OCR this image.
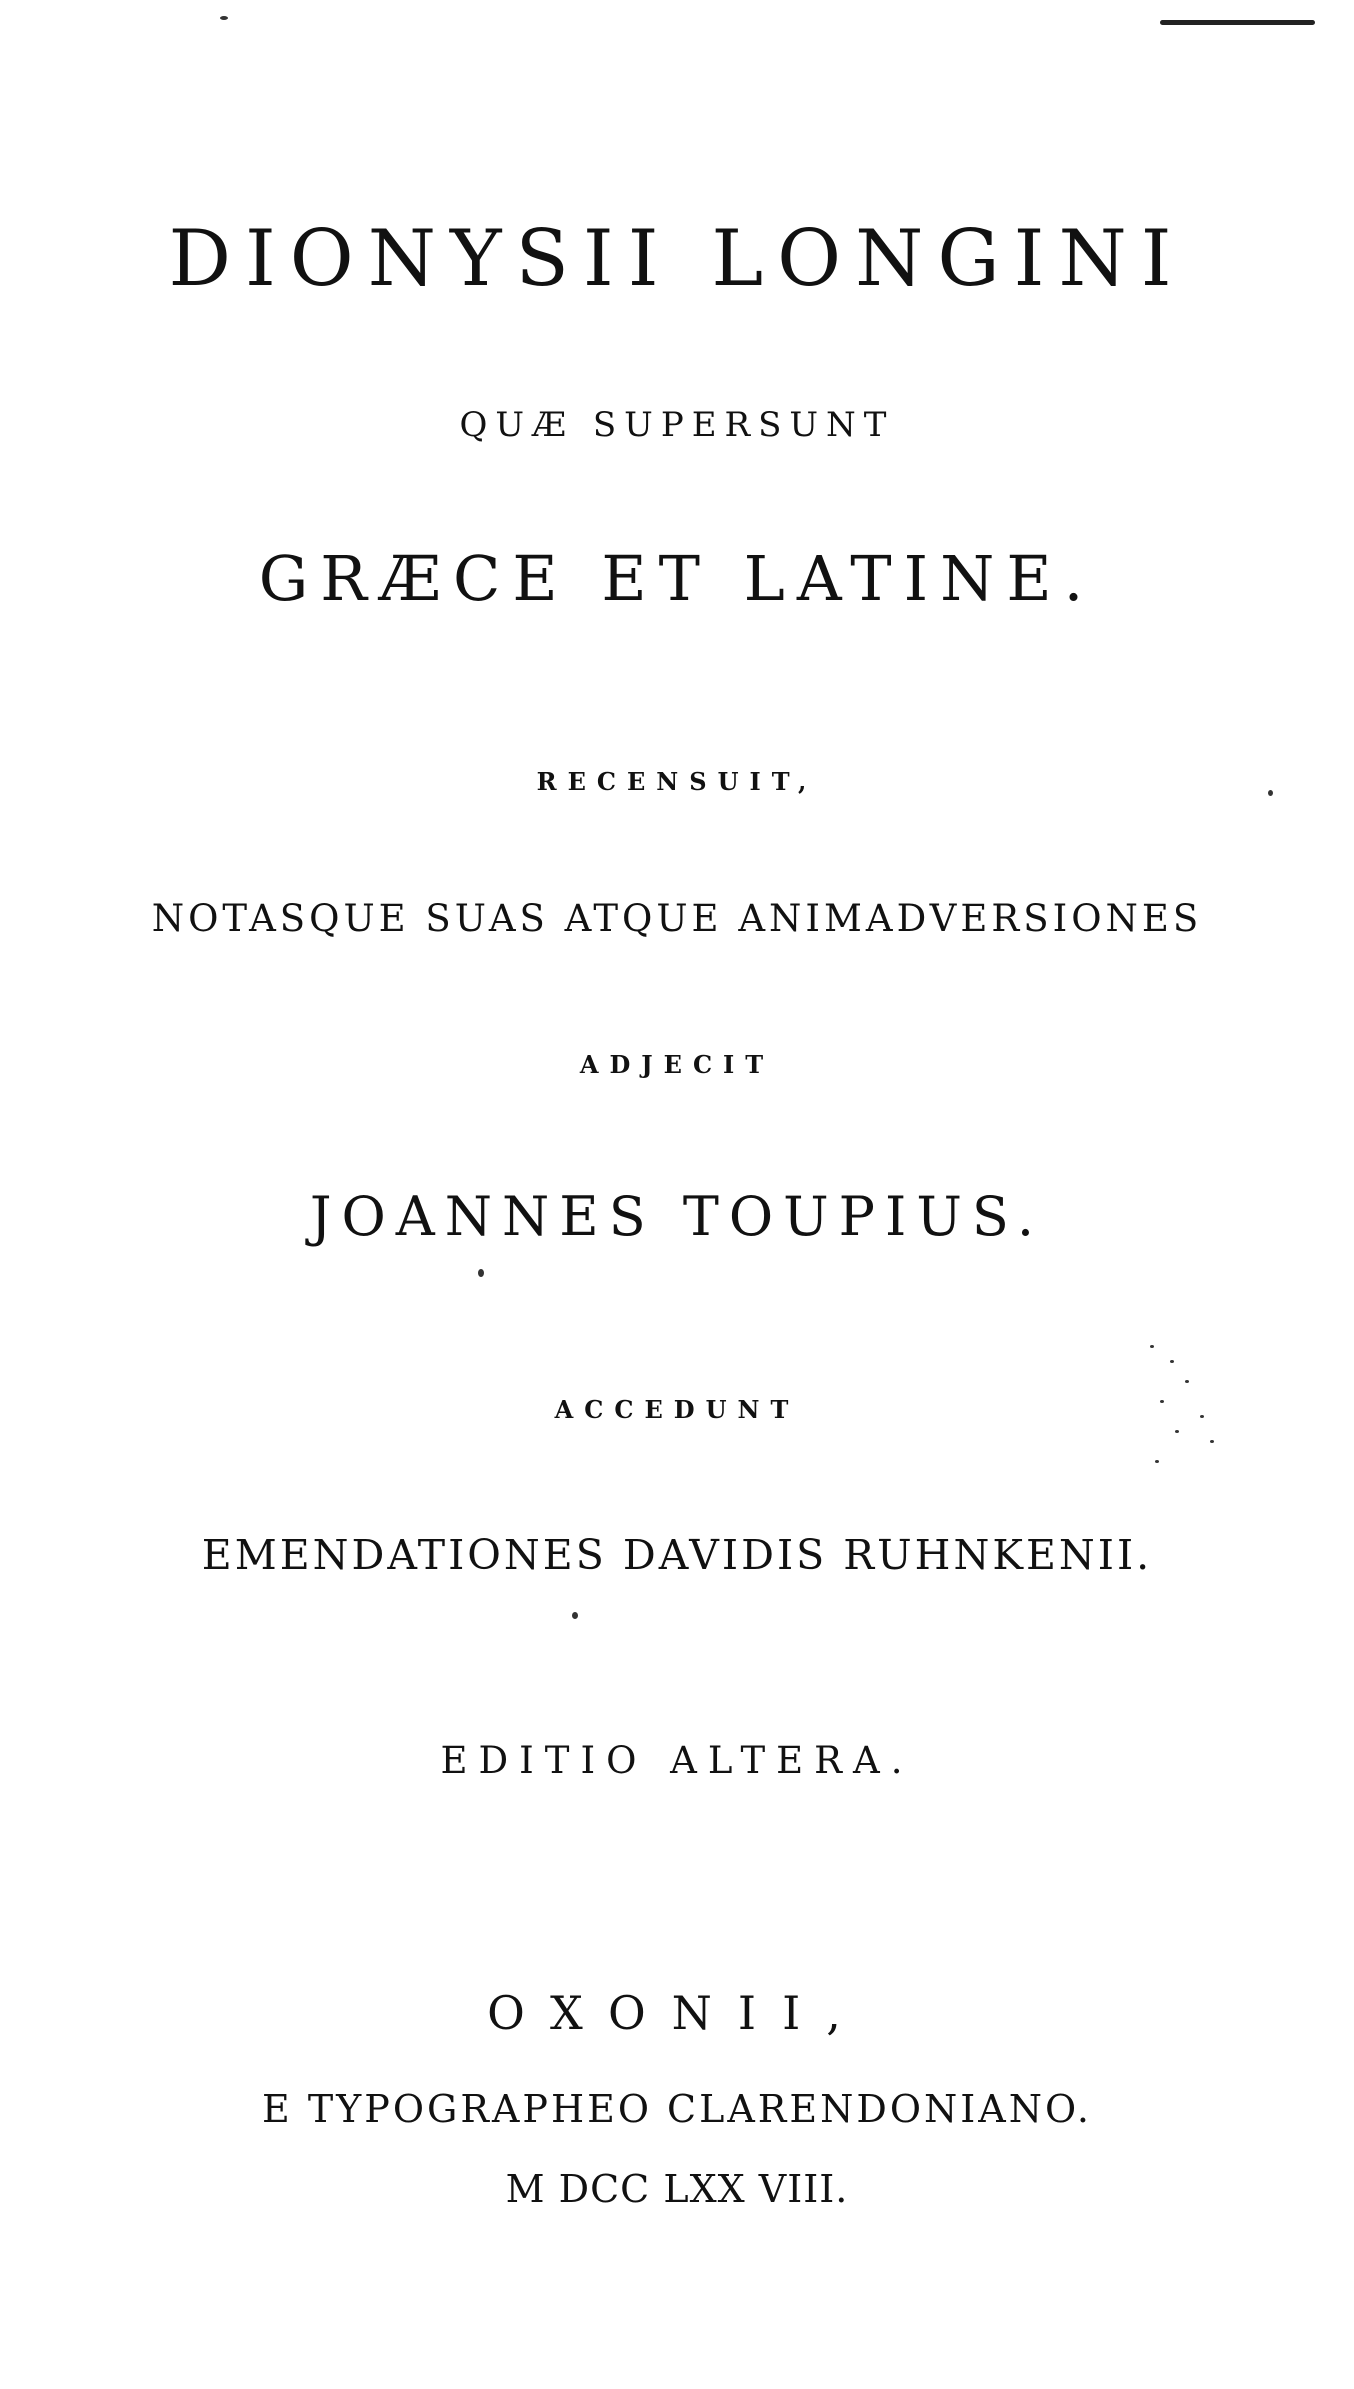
DIONYSII LONGINI
QUÆ SUPERSUNT
GRÆCE ET LATINE.
RECENSUIT,
NOTASQUE SUAS ATQUE ANIMADVERSIONES
ADJECIT
JOANNES TOUPIUS.
ACCEDUNT
EMENDATIONES DAVIDIS RUHNKENII.
EDITIO ALTERA.
OXONII,
E TYPOGRAPHEO CLARENDONIANO.
M DCC LXX VIII.
